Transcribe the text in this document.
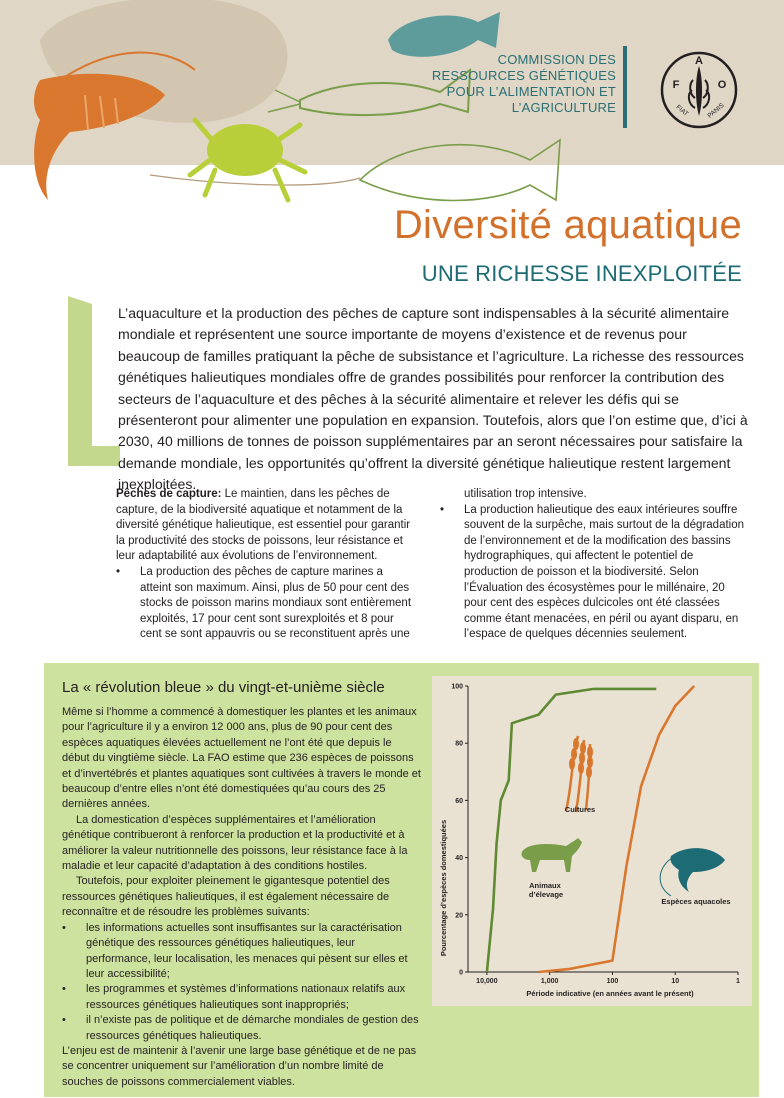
COMMISSION DES
RESSOURCES GÉNÉTIQUES
POUR L’ALIMENTATION ET
L’AGRICULTURE
F
A
O
FIAT	PANIS
Diversité aquatique
UNE RICHESSE INEXPLOITÉE

L’aquaculture et la production des pêches de capture sont indispensables à la sécurité alimentaire mondiale et représentent une source importante de moyens d’existence et de revenus pour beaucoup de familles pratiquant la pêche de subsistance et l’agriculture. La richesse des ressources génétiques halieutiques mondiales offre de grandes possibilités pour renforcer la contribution des secteurs de l’aquaculture et des pêches à la sécurité alimentaire et relever les défis qui se présenteront pour alimenter une population en expansion. Toutefois, alors que l’on estime que, d’ici à 2030, 40 millions de tonnes de poisson supplémentaires par an seront nécessaires pour satisfaire la demande mondiale, les opportunités qu’offrent la diversité génétique halieutique restent largement inexploitées.

Pêches de capture: Le maintien, dans les pêches de capture, de la biodiversité aquatique et notamment de la diversité génétique halieutique, est essentiel pour garantir la productivité des stocks de poissons, leur résistance et leur adaptabilité aux évolutions de l’environnement.

• La production des pêches de capture marines a atteint son maximum. Ainsi, plus de 50 pour cent des stocks de poisson marins mondiaux sont entièrement exploités, 17 pour cent sont surexploités et 8 pour cent se sont appauvris ou se reconstituent après une

utilisation trop intensive.

• La production halieutique des eaux intérieures souffre souvent de la surpêche, mais surtout de la dégradation de l’environnement et de la modification des bassins hydrographiques, qui affectent le potentiel de production de poisson et la biodiversité. Selon l’Évaluation des écosystèmes pour le millénaire, 20 pour cent des espèces dulcicoles ont été classées comme étant menacées, en péril ou ayant disparu, en l’espace de quelques décennies seulement.

La « révolution bleue » du vingt-et-unième siècle

Même si l’homme a commencé à domestiquer les plantes et les animaux pour l’agriculture il y a environ 12 000 ans, plus de 90 pour cent des espèces aquatiques élevées actuellement ne l’ont été que depuis le début du vingtième siècle. La FAO estime que 236 espèces de poissons et d’invertébrés et plantes aquatiques sont cultivées à travers le monde et beaucoup d’entre elles n’ont été domestiquées qu’au cours des 25 dernières années.

La domestication d’espèces supplémentaires et l’amélioration génétique contribueront à renforcer la production et la productivité et à améliorer la valeur nutritionnelle des poissons, leur résistance face à la maladie et leur capacité d’adaptation à des conditions hostiles.

Toutefois, pour exploiter pleinement le gigantesque potentiel des ressources génétiques halieutiques, il est également nécessaire de reconnaître et de résoudre les problèmes suivants:

• les informations actuelles sont insuffisantes sur la caractérisation génétique des ressources génétiques halieutiques, leur performance, leur localisation, les menaces qui pèsent sur elles et leur accessibilité;

• les programmes et systèmes d’informations nationaux relatifs aux ressources génétiques halieutiques sont inappropriés;

• il n’existe pas de politique et de démarche mondiales de gestion des ressources génétiques halieutiques.

L’enjeu est de maintenir à l’avenir une large base génétique et de ne pas se concentrer uniquement sur l’amélioration d’un nombre limité de souches de poissons commercialement viables.

0
20
40
60
80
100
10,000	1,000	100	10	1
Cultures
Animaux d’élevage
Espèces aquacoles
Période indicative (en années avant le présent)
Pourcentage d’espèces domestiquées
